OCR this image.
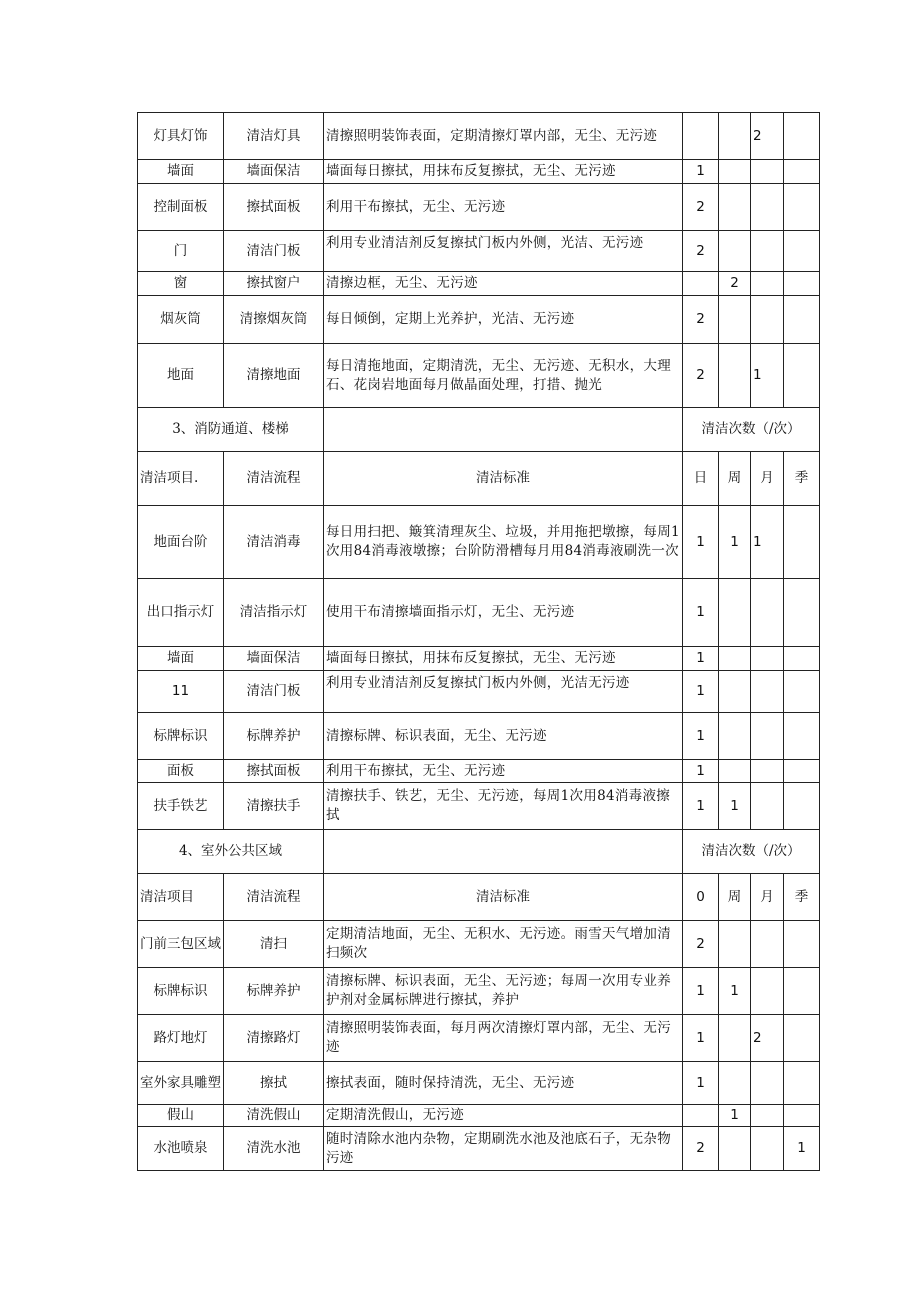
灯具灯饰	清洁灯具	清擦照明装饰表面，定期清擦灯罩内部，无尘、无污迹			2	
墙面	墙面保洁	墙面每日擦拭，用抹布反复擦拭，无尘、无污迹	1			
控制面板	擦拭面板	利用干布擦拭，无尘、无污迹	2			
门	清洁门板	利用专业清洁剂反复擦拭门板内外侧，光洁、无污迹	2			
窗	擦拭窗户	清擦边框，无尘、无污迹		2		
烟灰筒	清擦烟灰筒	每日倾倒，定期上光养护，光洁、无污迹	2			
地面	清擦地面	每日清拖地面，定期清洗，无尘、无污迹、无积水，大理石、花岗岩地面每月做晶面处理，打措、抛光	2		1	
3、消防通道、楼梯			清洁次数（/次）			
清洁项目.	清洁流程	清洁标准	日	周	月	季
地面台阶	清洁消毒	每日用扫把、簸箕清理灰尘、垃圾，并用拖把墩擦，每周1次用84消毒液墩擦；台阶防滑槽每月用84消毒液刷洗一次	1	1	1	
出口指示灯	清洁指示灯	使用干布清擦墙面指示灯，无尘、无污迹	1			
墙面	墙面保洁	墙面每日擦拭，用抹布反复擦拭，无尘、无污迹	1			
11	清洁门板	利用专业清洁剂反复擦拭门板内外侧，光洁无污迹	1			
标牌标识	标牌养护	清擦标牌、标识表面，无尘、无污迹	1			
面板	擦拭面板	利用干布擦拭，无尘、无污迹	1			
扶手铁艺	清擦扶手	清擦扶手、铁艺，无尘、无污迹，每周1次用84消毒液擦拭	1	1		
4、室外公共区域			清洁次数（/次）			
清洁项目	清洁流程	清洁标准	0	周	月	季
门前三包区域	清扫	定期清洁地面，无尘、无积水、无污迹。雨雪天气增加清扫频次	2			
标牌标识	标牌养护	清擦标牌、标识表面，无尘、无污迹；每周一次用专业养护剂对金属标牌进行擦拭，养护	1	1		
路灯地灯	清擦路灯	清擦照明装饰表面，每月两次清擦灯罩内部，无尘、无污迹	1		2	
室外家具雕塑	擦拭	擦拭表面，随时保持清洗，无尘、无污迹	1			
假山	清洗假山	定期清洗假山，无污迹		1		
水池喷泉	清洗水池	随时清除水池内杂物，定期刷洗水池及池底石子，无杂物污迹	2			1
